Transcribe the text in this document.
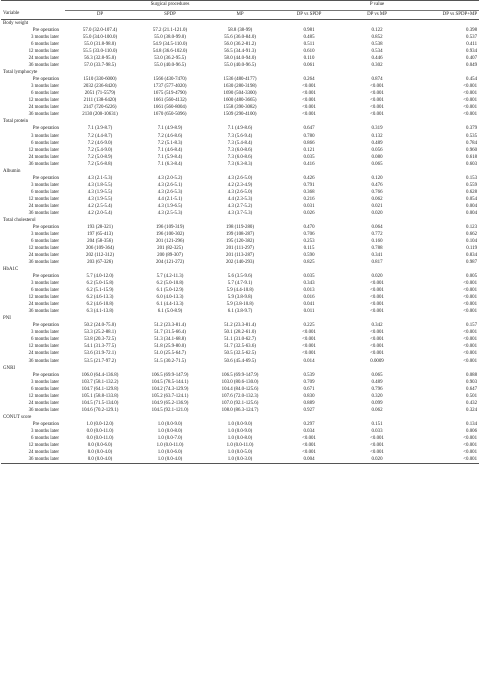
	Surgical procedures			P value		
Variable	DP	SPDP	MP	DP vs SPDP	DP vs MP	DP vs SPDP+MP
Body weight						
Pre operation	57.0 (32.0-107.4)	57.2 (21.1-121.0)	58.8 (38-99)	0.981	0.122	0.398
3 months later	55.0 (34.0-100.0)	55.0 (38.0-99.0)	55.6 (36.0-84.0)	0.485	0.852	0.537
6 months later	55.0 (31.8-98.0)	54.9 (34.5-110.0)	56.0 (36.2-81.2)	0.511	0.538	0.411
12 months later	55.5 (33.0-110.0)	54.8 (36.6-102.0)	56.5 (34.4-91.3)	0.610	0.534	0.934
24 months later	56.3 (32.8-95.0)	53.0 (36.2-95.5)	58.0 (44.0-94.0)	0.110	0.446	0.407
36 months later	57.0 (33.7-98.5)	55.0 (40.0-96.5)	55.0 (40.0-96.5)	0.061	0.302	0.049
Total lymphocyte						
Pre operation	1510 (330-6000)	1566 (430-7470)	1536 (480-4177)	0.264	0.874	0.454
3 months later	2032 (236-8420)	1737 (577-4020)	1630 (280-3198)	<0.001	<0.001	<0.001
6 months later	2051 (71-5579)	1675 (519-4790)	1690 (504-3300)	<0.001	<0.001	<0.001
12 months later	2111 (138-6420)	1661 (560-4132)	1600 (480-3665)	<0.001	<0.001	<0.001
24 months later	2147 (720-6226)	1661 (560-8004)	1558 (390-3082)	<0.001	<0.001	<0.001
36 months later	2130 (200-10631)	1670 (650-5096)	1509 (290-4100)	<0.001	<0.001	<0.001
Total protein						
Pre operation	7.1 (3.9-8.7)	7.1 (4.9-8.9)	7.1 (4.9-8.6)	0.647	0.319	0.379
3 months later	7.2 (4.4-8.7)	7.2 (4.6-8.6)	7.3 (5.6-9.4)	0.780	0.132	0.535
6 months later	7.2 (4.6-9.0)	7.2 (5.1-8.3)	7.3 (5.4-8.4)	0.866	0.489	0.784
12 months later	7.2 (5.4-9.0)	7.1 (4.6-8.4)	7.3 (6.0-8.6)	0.121	0.056	0.960
24 months later	7.2 (5.0-8.9)	7.1 (5.9-8.4)	7.3 (6.0-8.6)	0.035	0.080	0.618
36 months later	7.2 (5.6-8.8)	7.1 (6.3-8.4)	7.3 (6.3-8.3)	0.416	0.065	0.603
Albumin						
Pre operation	4.3 (2.1-5.3)	4.3 (2.0-5.2)	4.3 (2.6-5.0)	0.426	0.120	0.153
3 months later	4.3 (1.8-5.5)	4.3 (2.6-5.1)	4.2 (2.3-4.9)	0.791	0.476	0.559
6 months later	4.3 (1.9-5.5)	4.3 (2.6-5.3)	4.3 (2.6-5.0)	0.368	0.766	0.628
12 months later	4.3 (1.9-5.5)	4.4 (2.1-5.1)	4.4 (2.3-5.3)	0.216	0.062	0.054
24 months later	4.2 (2.5-5.4)	4.3 (1.9-6.5)	4.3 (2.7-5.2)	0.031	0.021	0.004
36 months later	4.2 (2.0-5.4)	4.3 (2.5-5.3)	4.3 (3.7-5.3)	0.026	0.020	0.004
Total cholesterol						
Pre operation	193 (28-321)	196 (109-319)	198 (119-280)	0.470	0.064	0.123
3 months later	197 (65-413)	196 (100-302)	199 (108-287)	0.706	0.772	0.662
6 months later	204 (58-356)	201 (121-296)	195 (120-382)	0.253	0.160	0.104
12 months later	206 (109-364)	201 (82-325)	201 (111-297)	0.115	0.788	0.119
24 months later	202 (112-312)	200 (89-307)	201 (113-287)	0.590	0.341	0.834
36 months later	203 (67-326)	204 (121-272)	202 (140-293)	0.825	0.817	0.987
HbA1C						
Pre operation	5.7 (4.0-12.0)	5.7 (4.2-11.3)	5.6 (3.5-9.6)	0.035	0.020	0.005
3 months later	6.2 (5.0-15.8)	6.2 (5.0-10.8)	5.7 (4.7-9.1)	0.343	<0.001	<0.001
6 months later	6.2 (5.1-15.9)	6.1 (5.0-12.9)	5.9 (4.4-10.8)	0.013	<0.001	<0.001
12 months later	6.2 (4.6-13.3)	6.0 (4.0-13.3)	5.9 (3.8-9.8)	0.016	<0.001	<0.001
24 months later	6.2 (4.6-10.8)	6.1 (4.4-13.3)	5.9 (3.8-10.8)	0.041	<0.001	<0.001
36 months later	6.3 (4.1-13.8)	6.1 (5.0-8.9)	6.1 (3.8-9.7)	0.011	<0.001	<0.001
PNI						
Pre operation	50.2 (24.0-75.0)	51.2 (23.3-81.4)	51.2 (23.3-81.4)	0.225	0.342	0.157
3 months later	53.3 (25.2-88.1)	51.7 (31.5-66.4)	50.1 (28.2-61.0)	<0.001	<0.001	<0.001
6 months later	53.8 (20.3-72.5)	51.3 (34.1-68.8)	51.1 (31.0-62.7)	<0.001	<0.001	<0.001
12 months later	54.1 (31.3-77.5)	51.8 (25.9-80.0)	51.7 (32.5-63.6)	<0.001	<0.001	<0.001
24 months later	53.6 (31.9-72.1)	51.0 (25.5-64.7)	50.5 (32.5-62.5)	<0.001	<0.001	<0.001
36 months later	53.5 (21.7-97.2)	51.5 (30.2-71.5)	50.6 (45.4-69.5)	0.014	0.0009	<0.001
GNRI						
Pre operation	106.0 (64.4-136.8)	106.5 (69.9-147.9)	106.5 (69.9-147.9)	0.539	0.065	0.088
3 months later	103.7 (58.1-132.2)	104.5 (78.5-144.1)	103.0 (80.6-130.0)	0.709	0.489	0.903
6 months later	104.7 (64.1-129.8)	104.2 (74.3-129.9)	104.4 (84.0-125.6)	0.671	0.796	0.647
12 months later	105.1 (58.8-133.8)	105.2 (63.7-124.1)	107.6 (72.0-132.3)	0.830	0.320	0.501
24 months later	104.5 (71.5-134.0)	104.9 (65.2-136.9)	107.0 (92.1-125.6)	0.889	0.099	0.432
36 months later	104.6 (70.2-129.1)	104.5 (92.1-121.0)	108.0 (86.3-124.7)	0.927	0.062	0.324
CONUT score						
Pre operation	1.0 (0.0-12.0)	1.0 (0.0-9.0)	1.0 (0.0-9.0)	0.297	0.151	0.134
3 months later	0.0 (0.0-11.0)	1.0 (0.0-8.0)	1.0 (0.0-9.0)	0.034	0.033	0.006
6 months later	0.0 (0.0-11.0)	1.0 (0.0-7.0)	1.0 (0.0-8.0)	<0.001	<0.001	<0.001
12 months later	0.0 (0.0-6.0)	1.0 (0.0-11.0)	1.0 (0.0-11.0)	<0.001	<0.001	<0.001
24 months later	0.0 (0.0-4.0)	1.0 (0.0-6.0)	1.0 (0.0-5.0)	<0.001	<0.001	<0.001
36 months later	0.0 (0.0-4.0)	1.0 (0.0-4.0)	1.0 (0.0-3.0)	0.004	0.020	<0.001
